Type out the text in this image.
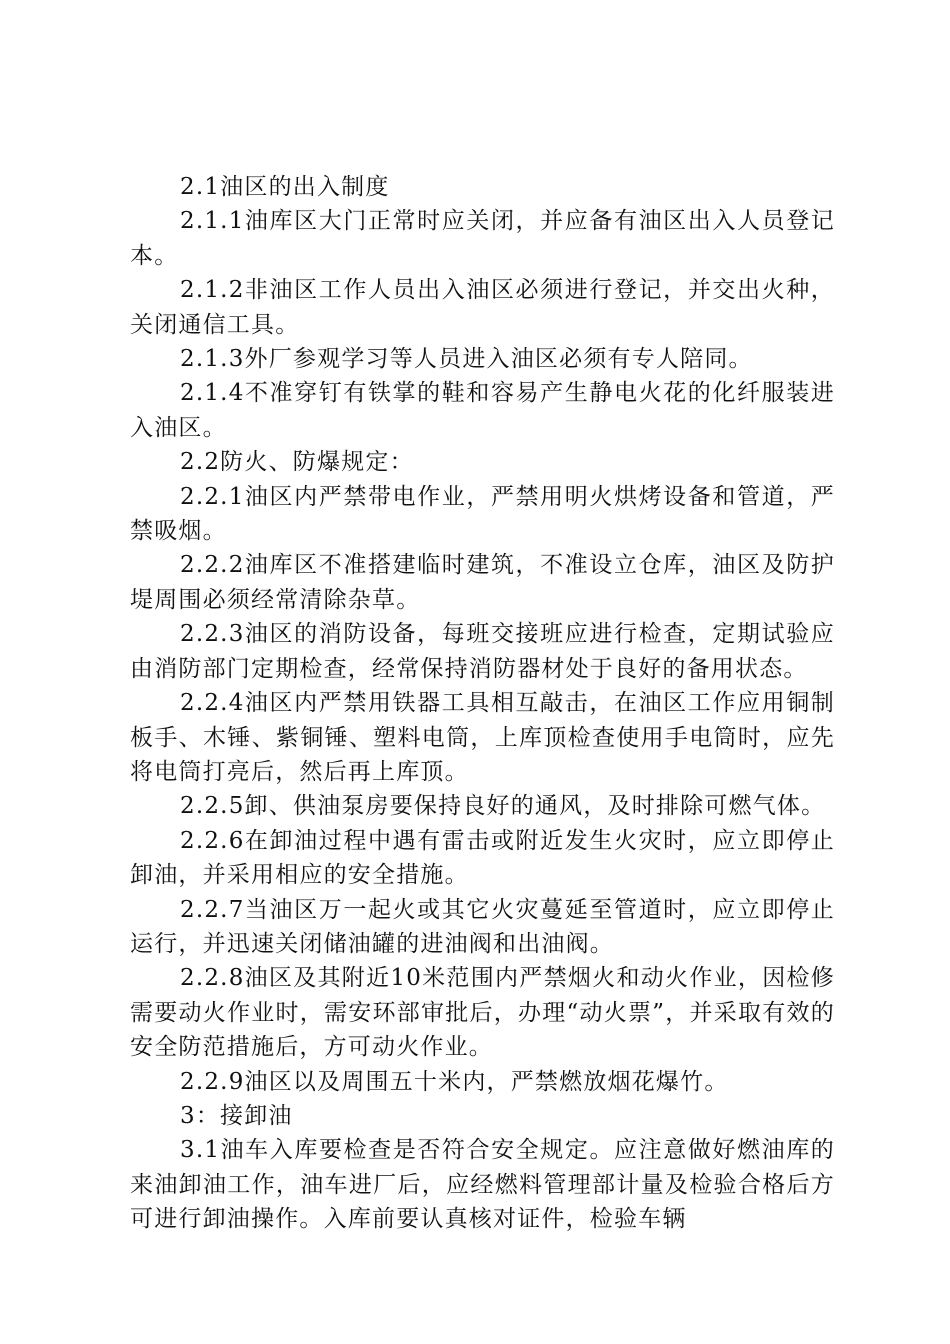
2.1油区的出入制度

2.1.1油库区大门正常时应关闭，并应备有油区出入人员登记本。

2.1.2非油区工作人员出入油区必须进行登记，并交出火种，关闭通信工具。

2.1.3外厂参观学习等人员进入油区必须有专人陪同。

2.1.4不准穿钉有铁掌的鞋和容易产生静电火花的化纤服装进入油区。

2.2防火、防爆规定：

2.2.1油区内严禁带电作业，严禁用明火烘烤设备和管道，严禁吸烟。

2.2.2油库区不准搭建临时建筑，不准设立仓库，油区及防护堤周围必须经常清除杂草。

2.2.3油区的消防设备，每班交接班应进行检查，定期试验应由消防部门定期检查，经常保持消防器材处于良好的备用状态。

2.2.4油区内严禁用铁器工具相互敲击，在油区工作应用铜制板手、木锤、紫铜锤、塑料电筒，上库顶检查使用手电筒时，应先将电筒打亮后，然后再上库顶。

2.2.5卸、供油泵房要保持良好的通风，及时排除可燃气体。

2.2.6在卸油过程中遇有雷击或附近发生火灾时，应立即停止卸油，并采用相应的安全措施。

2.2.7当油区万一起火或其它火灾蔓延至管道时，应立即停止运行，并迅速关闭储油罐的进油阀和出油阀。

2.2.8油区及其附近10米范围内严禁烟火和动火作业，因检修需要动火作业时，需安环部审批后，办理“动火票”，并采取有效的安全防范措施后，方可动火作业。

2.2.9油区以及周围五十米内，严禁燃放烟花爆竹。

3：接卸油

3.1油车入库要检查是否符合安全规定。应注意做好燃油库的来油卸油工作，油车进厂后，应经燃料管理部计量及检验合格后方可进行卸油操作。入库前要认真核对证件，检验车辆
